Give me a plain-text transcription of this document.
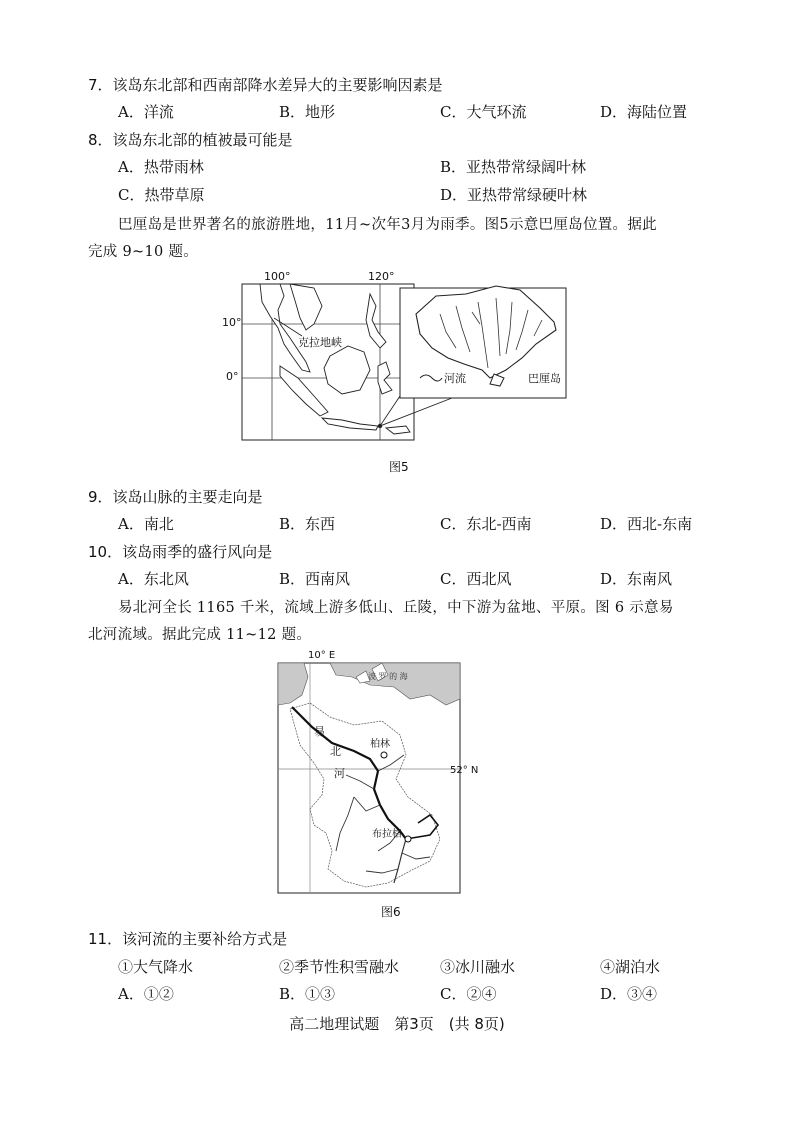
7．该岛东北部和西南部降水差异大的主要影响因素是
A．洋流	B．地形	C．大气环流	D．海陆位置
8．该岛东北部的植被最可能是
A．热带雨林	B．亚热带常绿阔叶林
C．热带草原	D．亚热带常绿硬叶林
巴厘岛是世界著名的旅游胜地，11月~次年3月为雨季。图5示意巴厘岛位置。据此
完成 9~10 题。
100°	120°
10°
0°
克拉地峡
河流	巴厘岛
图5
9．该岛山脉的主要走向是
A．南北	B．东西	C．东北-西南	D．西北-东南
10．该岛雨季的盛行风向是
A．东北风	B．西南风	C．西北风	D．东南风
易北河全长 1165 千米，流域上游多低山、丘陵，中下游为盆地、平原。图 6 示意易
北河流域。据此完成 11~12 题。
10° E
52° N
波 罗 的 海
易
北
河
柏林
布拉格
图6
11．该河流的主要补给方式是
①大气降水	②季节性积雪融水	③冰川融水	④湖泊水
A．①②	B．①③	C．②④	D．③④
高二地理试题　第3页　(共 8页)
